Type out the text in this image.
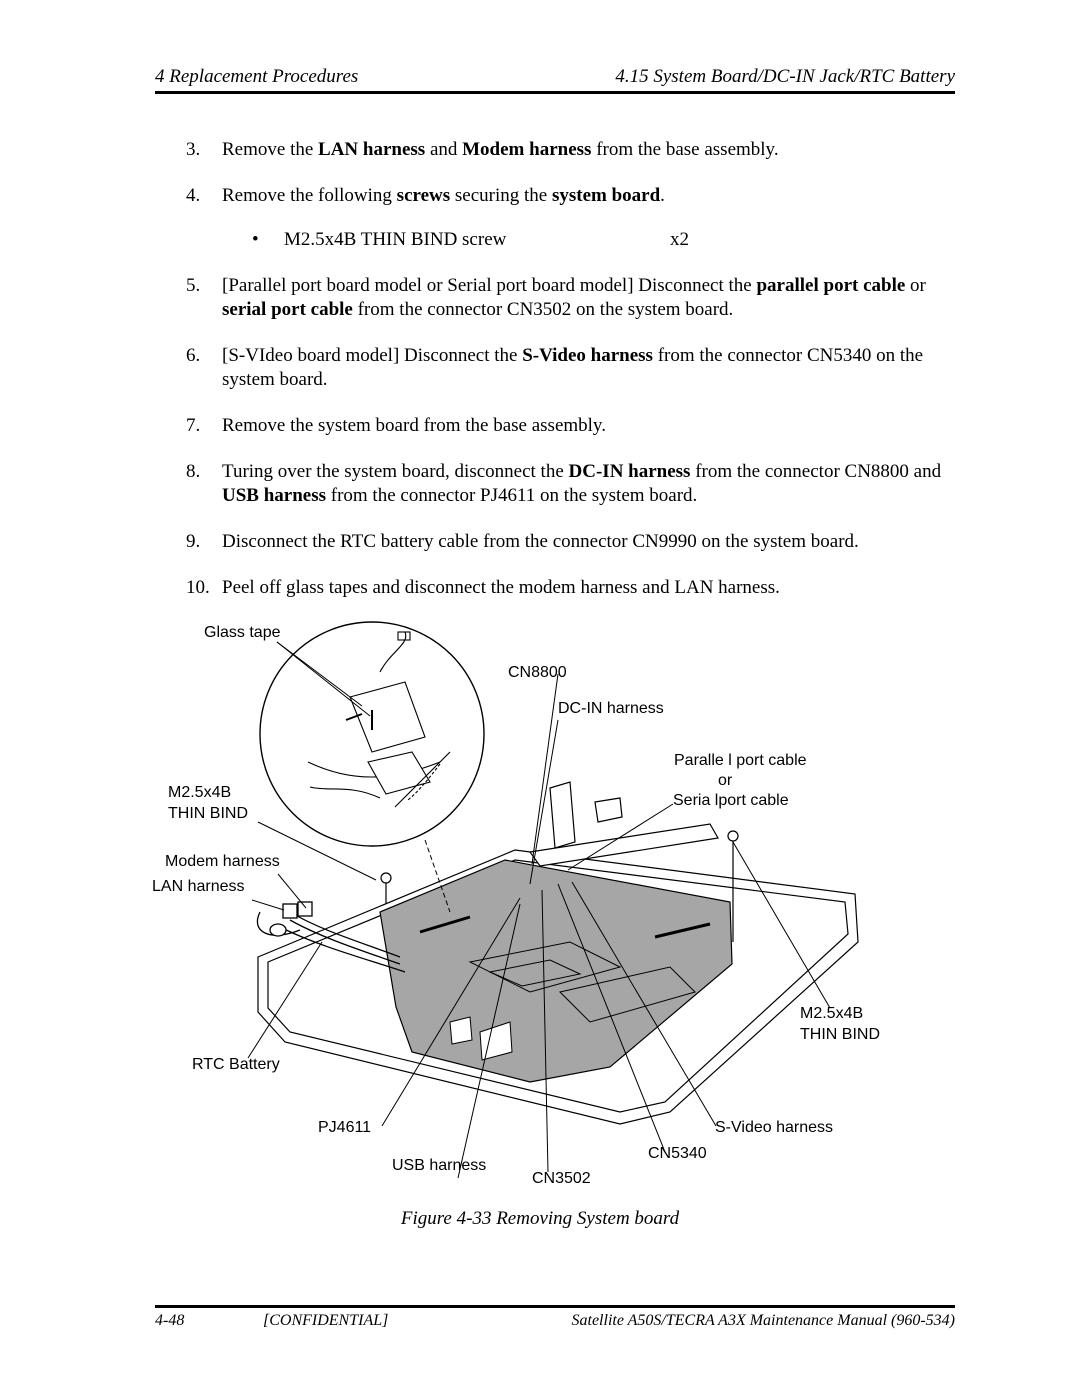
4 Replacement Procedures	4.15 System Board/DC-IN Jack/RTC Battery
3. Remove the LAN harness and Modem harness from the base assembly.
4. Remove the following screws securing the system board.
• M2.5x4B THIN BIND screw	x2
5. [Parallel port board model or Serial port board model] Disconnect the parallel port cable or serial port cable from the connector CN3502 on the system board.
6. [S-VIdeo board model] Disconnect the S-Video harness from the connector CN5340 on the system board.
7. Remove the system board from the base assembly.
8. Turing over the system board, disconnect the DC-IN harness from the connector CN8800 and USB harness from the connector PJ4611 on the system board.
9. Disconnect the RTC battery cable from the connector CN9990 on the system board.
10. Peel off glass tapes and disconnect the modem harness and LAN harness.
Glass tape
CN8800
DC-IN harness
Paralle l port cable
or
Seria lport cable
M2.5x4B
THIN BIND
Modem harness
LAN harness
M2.5x4B
THIN BIND
RTC Battery
PJ4611	S-Video harness
CN5340
USB harness
CN3502
Figure 4-33 Removing System board
4-48	[CONFIDENTIAL]	Satellite A50S/TECRA A3X Maintenance Manual (960-534)
